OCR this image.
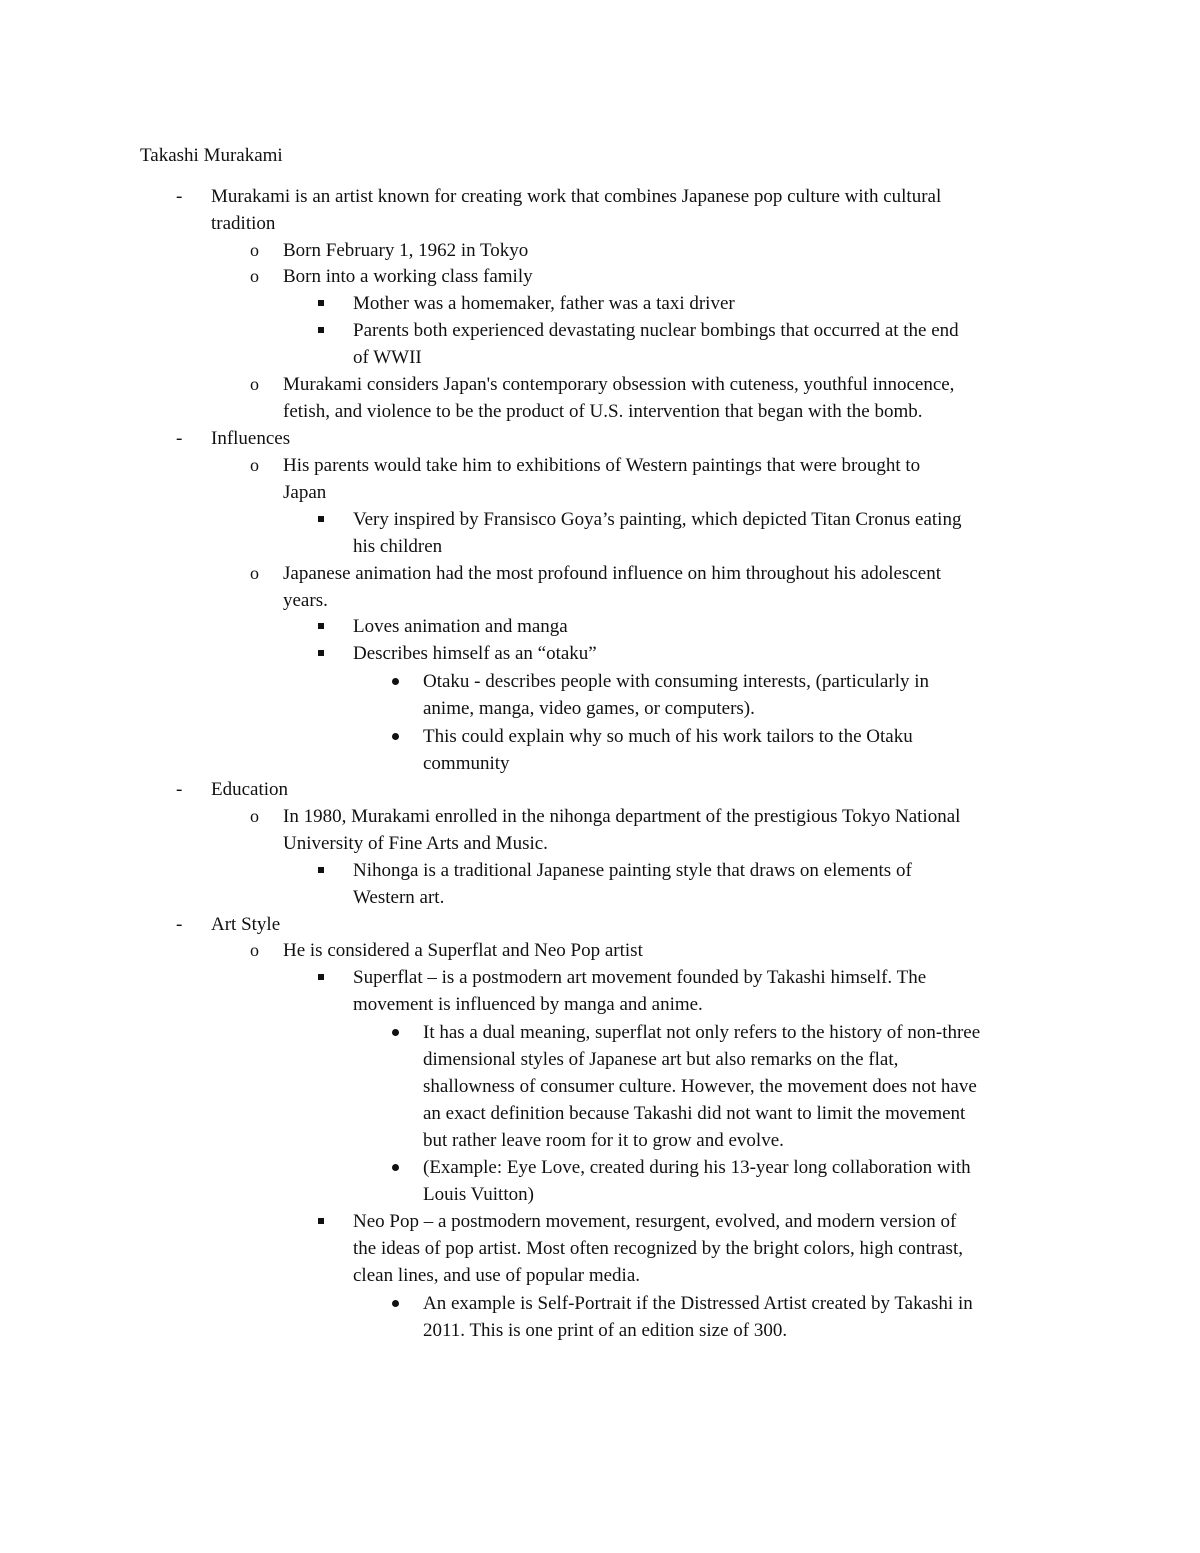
Takashi Murakami
- Murakami is an artist known for creating work that combines Japanese pop culture with cultural
tradition
o Born February 1, 1962 in Tokyo
o Born into a working class family
Mother was a homemaker, father was a taxi driver
Parents both experienced devastating nuclear bombings that occurred at the end
of WWII
o Murakami considers Japan's contemporary obsession with cuteness, youthful innocence,
fetish, and violence to be the product of U.S. intervention that began with the bomb.
- Influences
o His parents would take him to exhibitions of Western paintings that were brought to
Japan
Very inspired by Fransisco Goya’s painting, which depicted Titan Cronus eating
his children
o Japanese animation had the most profound influence on him throughout his adolescent
years.
Loves animation and manga
Describes himself as an “otaku”
Otaku - describes people with consuming interests, (particularly in
anime, manga, video games, or computers).
This could explain why so much of his work tailors to the Otaku
community
- Education
o In 1980, Murakami enrolled in the nihonga department of the prestigious Tokyo National
University of Fine Arts and Music.
Nihonga is a traditional Japanese painting style that draws on elements of
Western art.
- Art Style
o He is considered a Superflat and Neo Pop artist
Superflat – is a postmodern art movement founded by Takashi himself. The
movement is influenced by manga and anime.
It has a dual meaning, superflat not only refers to the history of non-three
dimensional styles of Japanese art but also remarks on the flat,
shallowness of consumer culture. However, the movement does not have
an exact definition because Takashi did not want to limit the movement
but rather leave room for it to grow and evolve.
(Example: Eye Love, created during his 13-year long collaboration with
Louis Vuitton)
Neo Pop – a postmodern movement, resurgent, evolved, and modern version of
the ideas of pop artist. Most often recognized by the bright colors, high contrast,
clean lines, and use of popular media.
An example is Self-Portrait if the Distressed Artist created by Takashi in
2011. This is one print of an edition size of 300.
